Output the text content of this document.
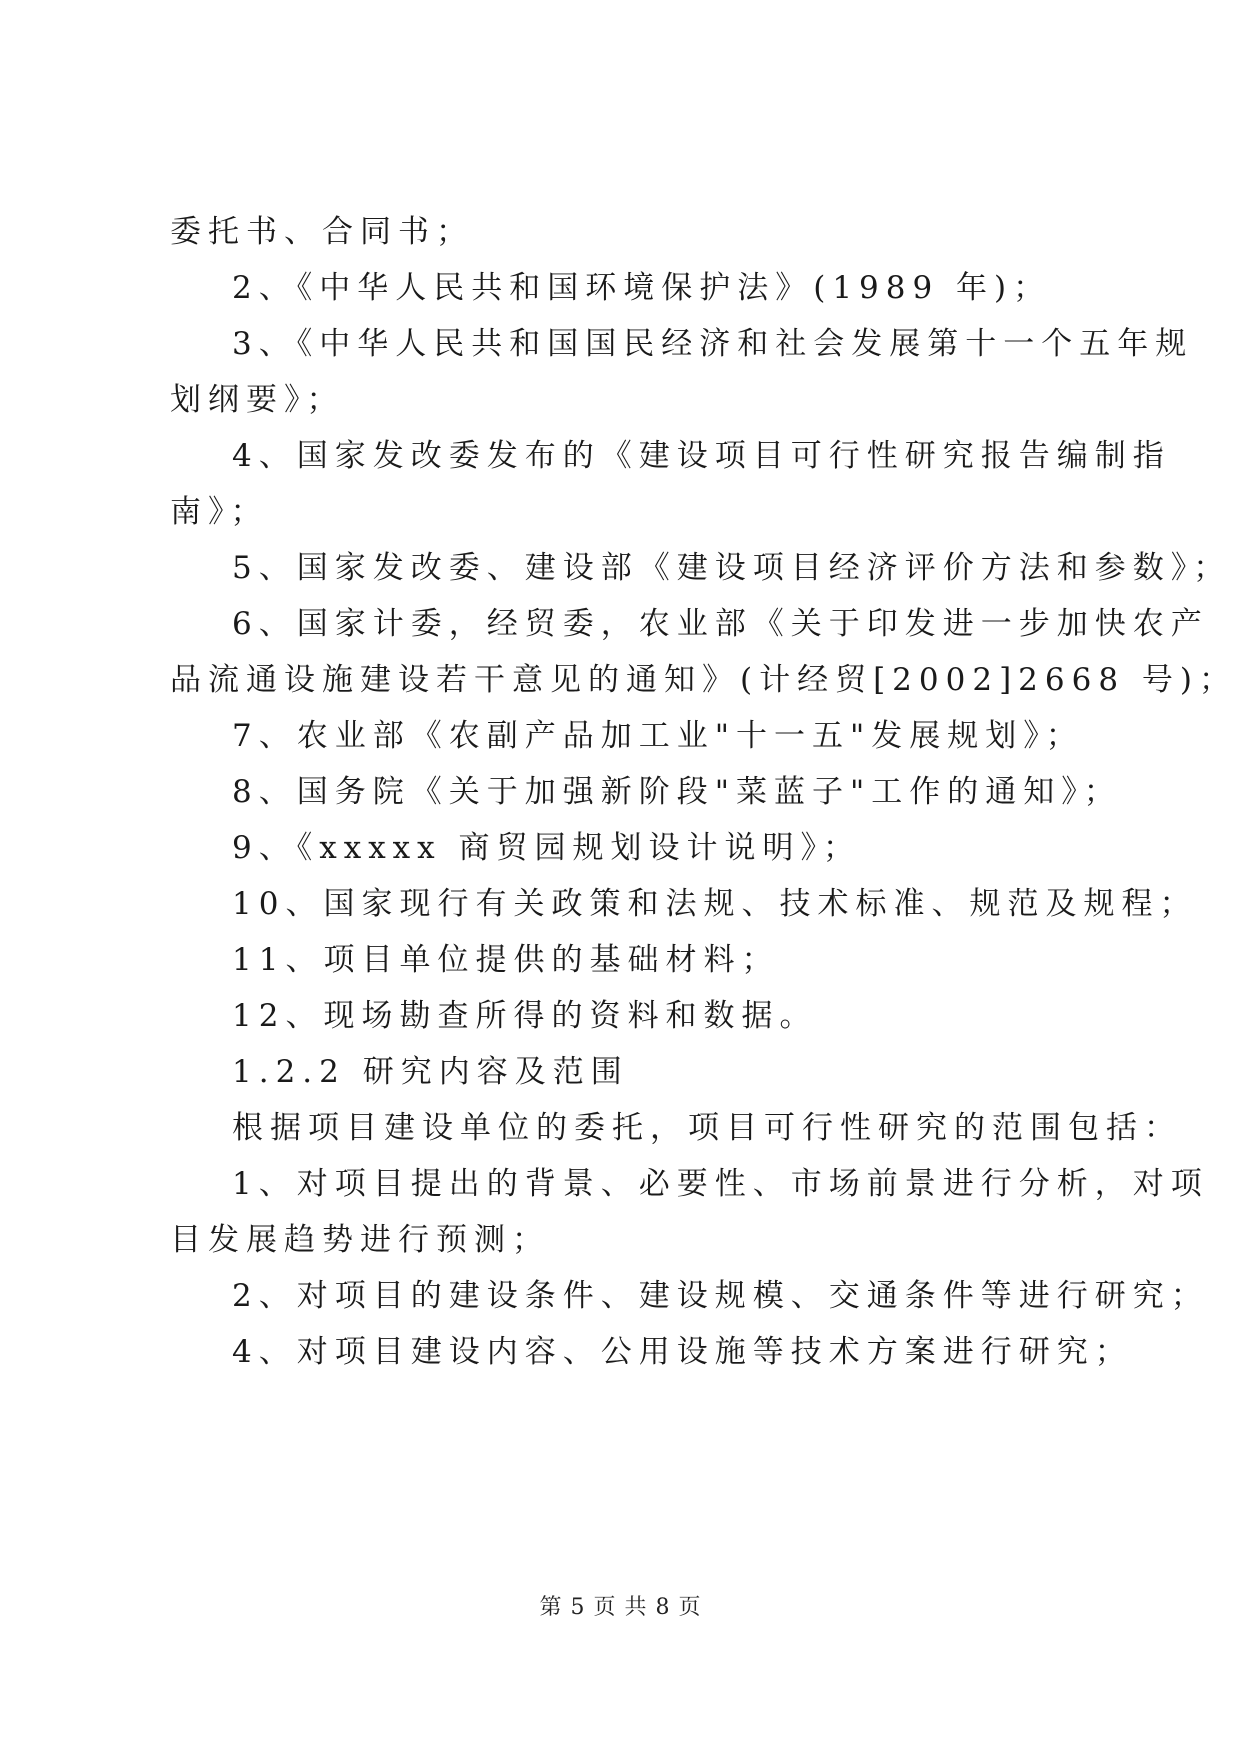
委托书、合同书；
2、《中华人民共和国环境保护法》(1989 年)；
3、《中华人民共和国国民经济和社会发展第十一个五年规
划纲要》；
4、国家发改委发布的《建设项目可行性研究报告编制指
南》；
5、国家发改委、建设部《建设项目经济评价方法和参数》；
6、国家计委，经贸委，农业部《关于印发进一步加快农产
品流通设施建设若干意见的通知》(计经贸[2002]2668 号)；
7、农业部《农副产品加工业"十一五"发展规划》；
8、国务院《关于加强新阶段"菜蓝子"工作的通知》；
9、《xxxxx 商贸园规划设计说明》；
10、国家现行有关政策和法规、技术标准、规范及规程；
11、项目单位提供的基础材料；
12、现场勘查所得的资料和数据。
1.2.2 研究内容及范围
根据项目建设单位的委托，项目可行性研究的范围包括：
1、对项目提出的背景、必要性、市场前景进行分析，对项
目发展趋势进行预测；
2、对项目的建设条件、建设规模、交通条件等进行研究；
4、对项目建设内容、公用设施等技术方案进行研究；
第 5 页 共 8 页
